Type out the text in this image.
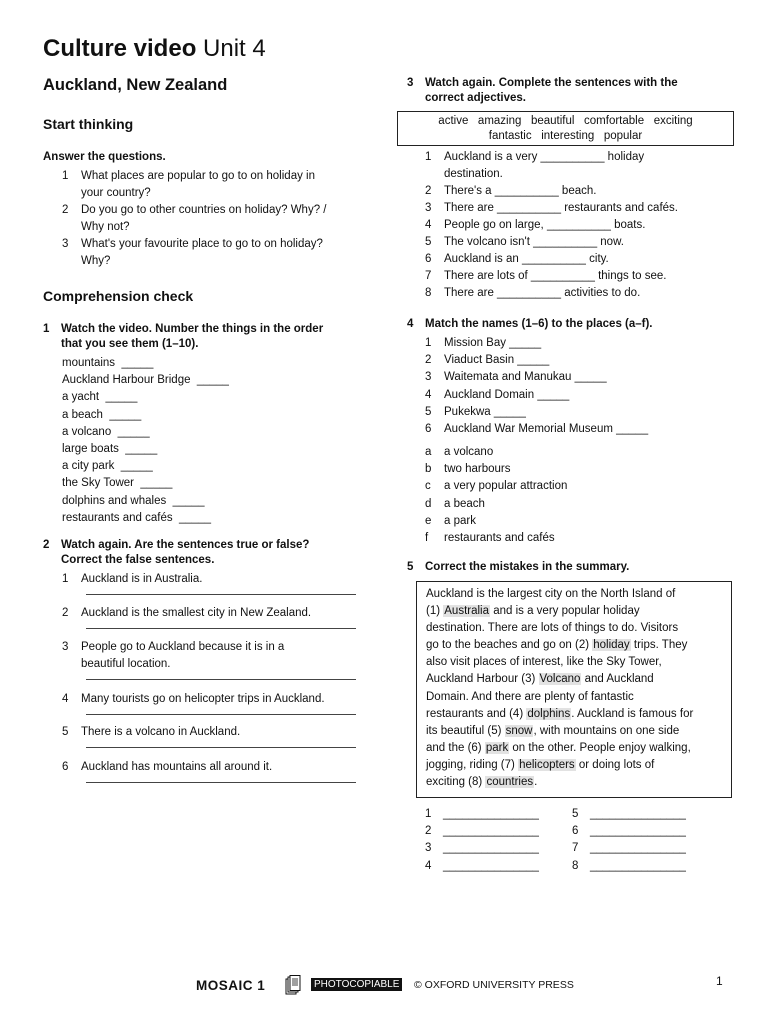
Culture video Unit 4
Auckland, New Zealand
Start thinking
Answer the questions.
1 What places are popular to go to on holiday in
your country?
2 Do you go to other countries on holiday? Why? /
Why not?
3 What's your favourite place to go to on holiday?
Why?
Comprehension check
1 Watch the video. Number the things in the order
that you see them (1–10).
mountains  _____
Auckland Harbour Bridge  _____
a yacht  _____
a beach  _____
a volcano  _____
large boats  _____
a city park  _____
the Sky Tower  _____
dolphins and whales  _____
restaurants and cafés  _____
2 Watch again. Are the sentences true or false?
Correct the false sentences.
1 Auckland is in Australia.
2 Auckland is the smallest city in New Zealand.
3 People go to Auckland because it is in a
beautiful location.
4 Many tourists go on helicopter trips in Auckland.
5 There is a volcano in Auckland.
6 Auckland has mountains all around it.
3 Watch again. Complete the sentences with the
correct adjectives.
active   amazing   beautiful   comfortable   exciting
fantastic   interesting   popular
1 Auckland is a very __________ holiday
destination.
2 There's a __________ beach.
3 There are __________ restaurants and cafés.
4 People go on large, __________ boats.
5 The volcano isn't __________ now.
6 Auckland is an __________ city.
7 There are lots of __________ things to see.
8 There are __________ activities to do.
4 Match the names (1–6) to the places (a–f).
1 Mission Bay _____
2 Viaduct Basin _____
3 Waitemata and Manukau _____
4 Auckland Domain _____
5 Pukekwa _____
6 Auckland War Memorial Museum _____
a a volcano
b two harbours
c a very popular attraction
d a beach
e a park
f restaurants and cafés
5 Correct the mistakes in the summary.
Auckland is the largest city on the North Island of
(1) Australia and is a very popular holiday
destination. There are lots of things to do. Visitors
go to the beaches and go on (2) holiday trips. They
also visit places of interest, like the Sky Tower,
Auckland Harbour (3) Volcano and Auckland
Domain. And there are plenty of fantastic
restaurants and (4) dolphins. Auckland is famous for
its beautiful (5) snow, with mountains on one side
and the (6) park on the other. People enjoy walking,
jogging, riding (7) helicopters or doing lots of
exciting (8) countries.
1 _______________
2 _______________
3 _______________
4 _______________
5 _______________
6 _______________
7 _______________
8 _______________
MOSAIC 1	PHOTOCOPIABLE © OXFORD UNIVERSITY PRESS	1
